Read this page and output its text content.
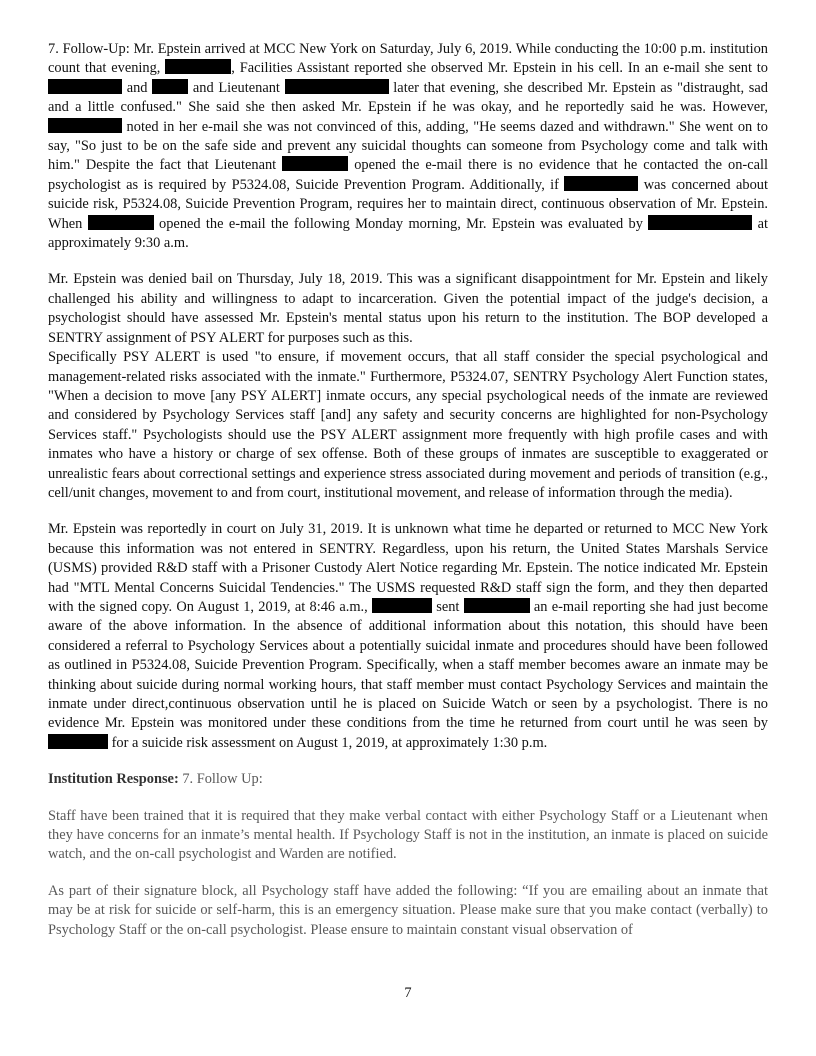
7. Follow-Up: Mr. Epstein arrived at MCC New York on Saturday, July 6, 2019. While conducting the 10:00 p.m. institution count that evening,	, Facilities Assistant reported she observed Mr. Epstein in his cell. In an e-mail she sent to  and	and Lieutenant	later that evening, she described Mr. Epstein as "distraught, sad and a little confused." She said she then asked Mr. Epstein if he was okay, and he reportedly said he was. However,  noted in her e-mail she was not convinced of this, adding, "He seems dazed and withdrawn." She went on to say, "So just to be on the safe side and prevent any suicidal thoughts can someone from Psychology come and talk with him." Despite the fact that Lieutenant	opened the e-mail there is no evidence that he contacted the on-call psychologist as is required by P5324.08, Suicide Prevention Program. Additionally, if	was concerned about suicide risk, P5324.08, Suicide Prevention Program, requires her to maintain direct, continuous observation of Mr. Epstein. When	opened the e-mail the following Monday morning, Mr. Epstein was evaluated by	at approximately 9:30 a.m.

Mr. Epstein was denied bail on Thursday, July 18, 2019. This was a significant disappointment for Mr. Epstein and likely challenged his ability and willingness to adapt to incarceration. Given the potential impact of the judge's decision, a psychologist should have assessed Mr. Epstein's mental status upon his return to the institution. The BOP developed a SENTRY assignment of PSY ALERT for purposes such as this.

Specifically PSY ALERT is used "to ensure, if movement occurs, that all staff consider the special psychological and management-related risks associated with the inmate." Furthermore, P5324.07, SENTRY Psychology Alert Function states, "When a decision to move [any PSY ALERT] inmate occurs, any special psychological needs of the inmate are reviewed and considered by Psychology Services staff [and] any safety and security concerns are highlighted for non-Psychology Services staff." Psychologists should use the PSY ALERT assignment more frequently with high profile cases and with inmates who have a history or charge of sex offense. Both of these groups of inmates are susceptible to exaggerated or unrealistic fears about correctional settings and experience stress associated during movement and periods of transition (e.g., cell/unit changes, movement to and from court, institutional movement, and release of information through the media).

Mr. Epstein was reportedly in court on July 31, 2019. It is unknown what time he departed or returned to MCC New York because this information was not entered in SENTRY. Regardless, upon his return, the United States Marshals Service (USMS) provided R&D staff with a Prisoner Custody Alert Notice regarding Mr. Epstein. The notice indicated Mr. Epstein had "MTL Mental Concerns Suicidal Tendencies." The USMS requested R&D staff sign the form, and they then departed with the signed copy. On August 1, 2019, at 8:46 a.m.,	sent	an e-mail reporting she had just become aware of the above information. In the absence of additional information about this notation, this should have been considered a referral to Psychology Services about a potentially suicidal inmate and procedures should have been followed as outlined in P5324.08, Suicide Prevention Program. Specifically, when a staff member becomes aware an inmate may be thinking about suicide during normal working hours, that staff member must contact Psychology Services and maintain the inmate under direct,continuous observation until he is placed on Suicide Watch or seen by a psychologist. There is no evidence Mr. Epstein was monitored under these conditions from the time he returned from court until he was seen by  for a suicide risk assessment on August 1, 2019, at approximately 1:30 p.m.

Institution Response: 7. Follow Up:

Staff have been trained that it is required that they make verbal contact with either Psychology Staff or a Lieutenant when they have concerns for an inmate’s mental health. If Psychology Staff is not in the institution, an inmate is placed on suicide watch, and the on-call psychologist and Warden are notified.

As part of their signature block, all Psychology staff have added the following: “If you are emailing about an inmate that may be at risk for suicide or self-harm, this is an emergency situation. Please make sure that you make contact (verbally) to Psychology Staff or the on-call psychologist. Please ensure to maintain constant visual observation of

7
